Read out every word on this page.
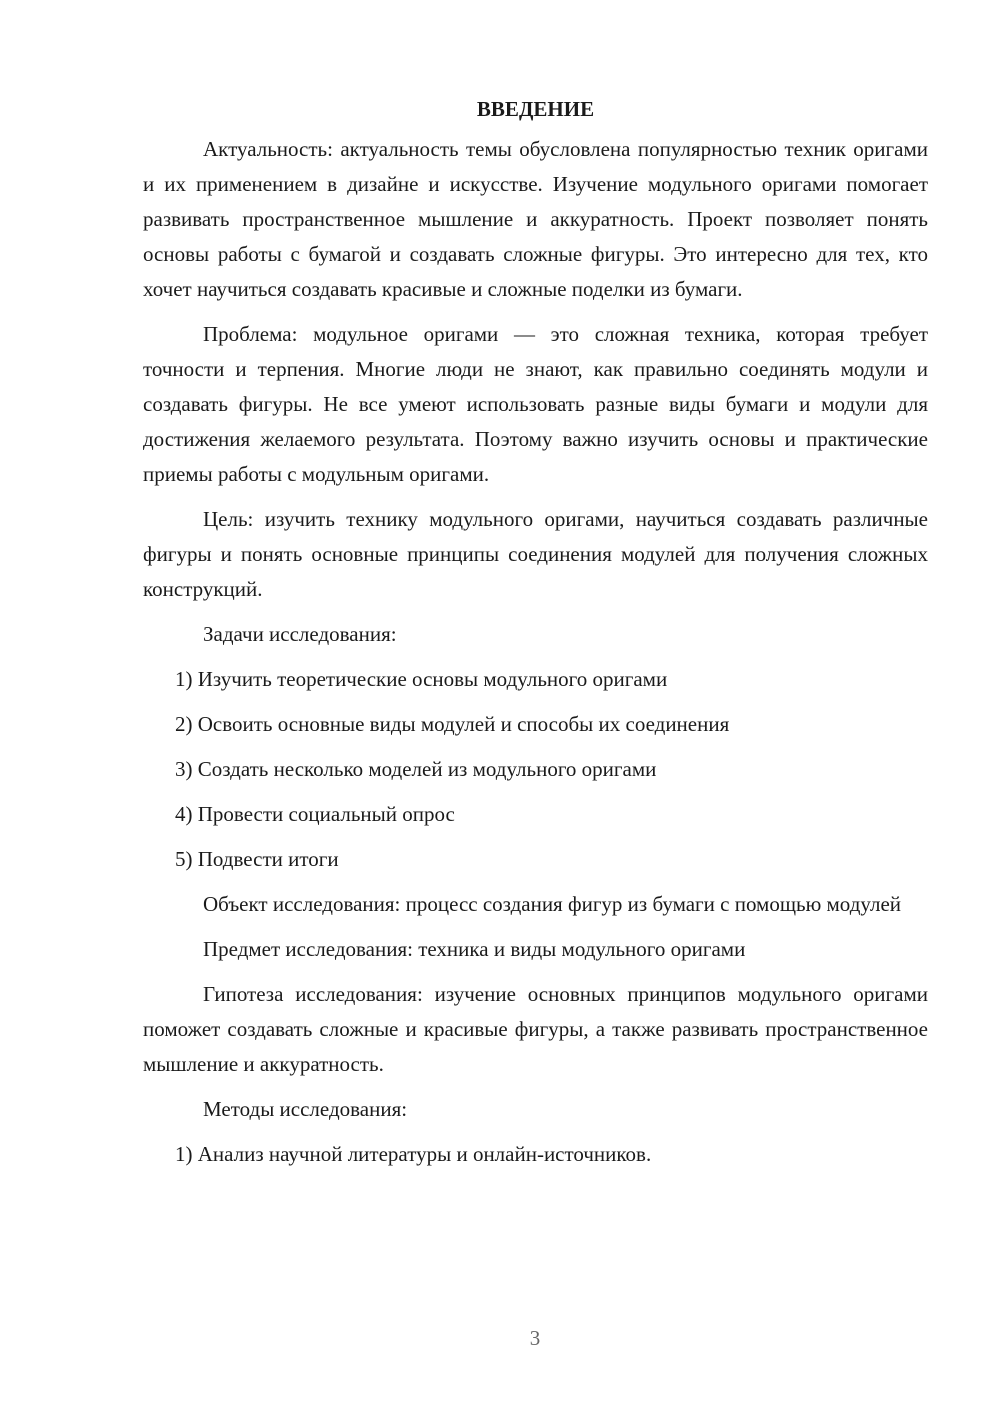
ВВЕДЕНИЕ

Актуальность: актуальность темы обусловлена популярностью техник оригами и их применением в дизайне и искусстве. Изучение модульного оригами помогает развивать пространственное мышление и аккуратность. Проект позволяет понять основы работы с бумагой и создавать сложные фигуры. Это интересно для тех, кто хочет научиться создавать красивые и сложные поделки из бумаги.

Проблема: модульное оригами — это сложная техника, которая требует точности и терпения. Многие люди не знают, как правильно соединять модули и создавать фигуры. Не все умеют использовать разные виды бумаги и модули для достижения желаемого результата. Поэтому важно изучить основы и практические приемы работы с модульным оригами.

Цель: изучить технику модульного оригами, научиться создавать различные фигуры и понять основные принципы соединения модулей для получения сложных конструкций.

Задачи исследования:

1) Изучить теоретические основы модульного оригами

2) Освоить основные виды модулей и способы их соединения

3) Создать несколько моделей из модульного оригами

4) Провести социальный опрос

5) Подвести итоги

Объект исследования: процесс создания фигур из бумаги с помощью модулей

Предмет исследования: техника и виды модульного оригами

Гипотеза исследования: изучение основных принципов модульного оригами поможет создавать сложные и красивые фигуры, а также развивать пространственное мышление и аккуратность.

Методы исследования:

1) Анализ научной литературы и онлайн-источников.

3
